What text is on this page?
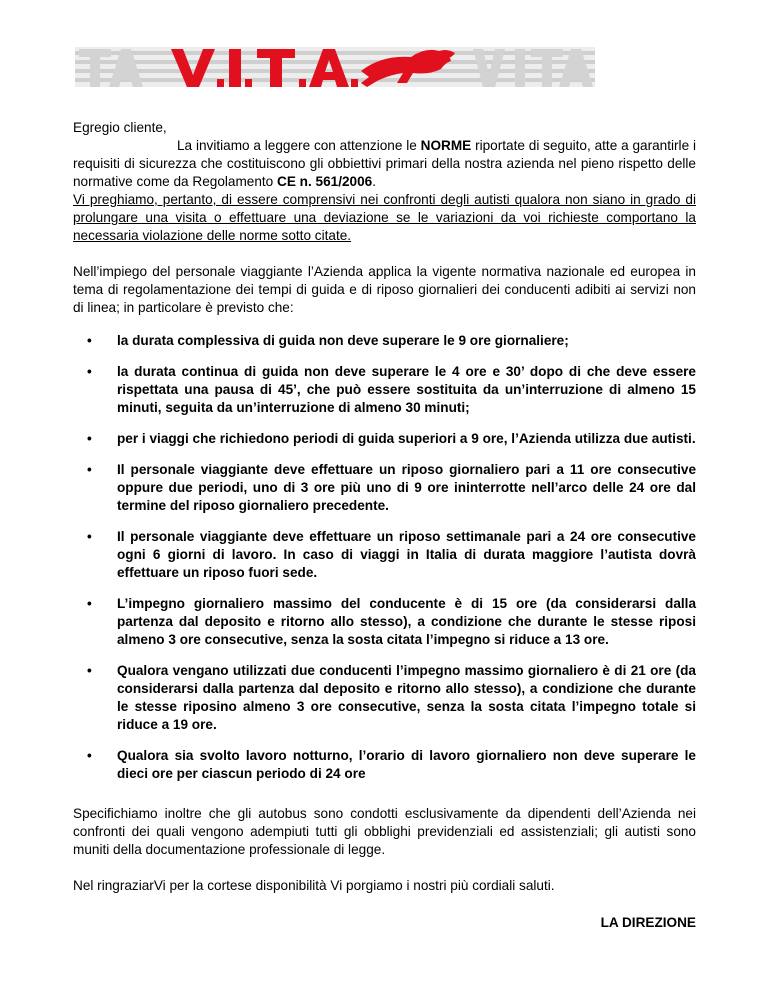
Egregio cliente,

La invitiamo a leggere con attenzione le NORME riportate di seguito, atte a garantirle i requisiti di sicurezza che costituiscono gli obbiettivi primari della nostra azienda nel pieno rispetto delle normative come da Regolamento CE n. 561/2006.

Vi preghiamo, pertanto, di essere comprensivi nei confronti degli autisti qualora non siano in grado di prolungare una visita o effettuare una deviazione se le variazioni da voi richieste comportano la necessaria violazione delle norme sotto citate.

Nell’impiego del personale viaggiante l’Azienda applica la vigente normativa nazionale ed europea in tema di regolamentazione dei tempi di guida e di riposo giornalieri dei conducenti adibiti ai servizi non di linea; in particolare è previsto che:

• la durata complessiva di guida non deve superare le 9 ore giornaliere;
• la durata continua di guida non deve superare le 4 ore e 30’ dopo di che deve essere rispettata una pausa di 45’, che può essere sostituita da un’interruzione di almeno 15 minuti, seguita da un’interruzione di almeno 30 minuti;
• per i viaggi che richiedono periodi di guida superiori a 9 ore, l’Azienda utilizza due autisti.
• Il personale viaggiante deve effettuare un riposo giornaliero pari a 11 ore consecutive oppure due periodi, uno di 3 ore più uno di 9 ore ininterrotte nell’arco delle 24 ore dal termine del riposo giornaliero precedente.
• Il personale viaggiante deve effettuare un riposo settimanale pari a 24 ore consecutive ogni 6 giorni di lavoro. In caso di viaggi in Italia di durata maggiore l’autista dovrà effettuare un riposo fuori sede.
• L’impegno giornaliero massimo del conducente è di 15 ore (da considerarsi dalla partenza dal deposito e ritorno allo stesso), a condizione che durante le stesse riposi almeno 3 ore consecutive, senza la sosta citata l’impegno si riduce a 13 ore.
• Qualora vengano utilizzati due conducenti l’impegno massimo giornaliero è di 21 ore (da considerarsi dalla partenza dal deposito e ritorno allo stesso), a condizione che durante le stesse riposino almeno 3 ore consecutive, senza la sosta citata l’impegno totale si riduce a 19 ore.
• Qualora sia svolto lavoro notturno, l’orario di lavoro giornaliero non deve superare le dieci ore per ciascun periodo di 24 ore

Specifichiamo inoltre che gli autobus sono condotti esclusivamente da dipendenti dell’Azienda nei confronti dei quali vengono adempiuti tutti gli obblighi previdenziali ed assistenziali; gli autisti sono muniti della documentazione professionale di legge.

Nel ringraziarVi per la cortese disponibilità Vi porgiamo i nostri più cordiali saluti.

LA DIREZIONE
